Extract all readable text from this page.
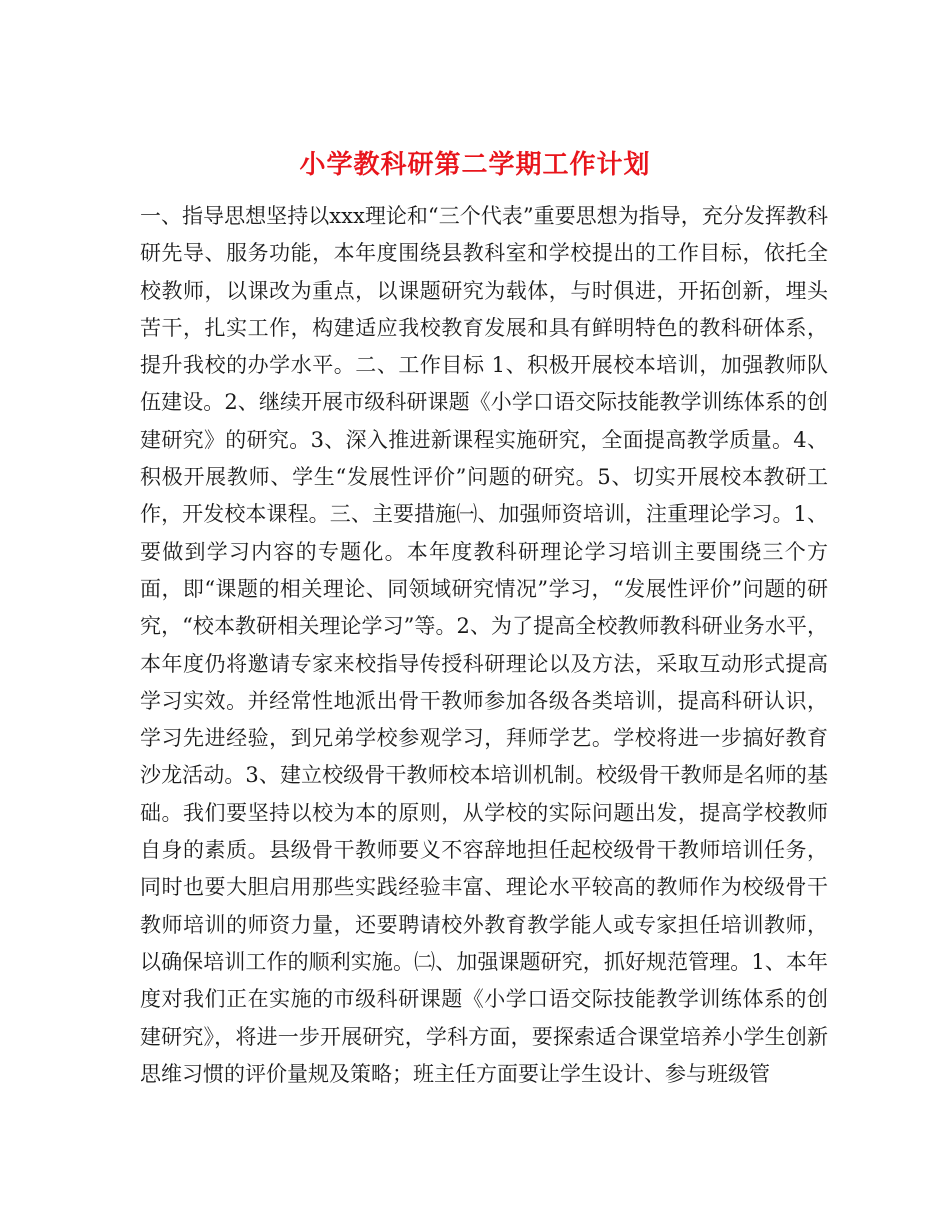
小学教科研第二学期工作计划

一、指导思想坚持以xxx理论和“三个代表”重要思想为指导，充分发挥教科研先导、服务功能，本年度围绕县教科室和学校提出的工作目标，依托全校教师，以课改为重点，以课题研究为载体，与时俱进，开拓创新，埋头苦干，扎实工作，构建适应我校教育发展和具有鲜明特色的教科研体系，提升我校的办学水平。二、工作目标 1、积极开展校本培训，加强教师队伍建设。2、继续开展市级科研课题《小学口语交际技能教学训练体系的创建研究》的研究。3、深入推进新课程实施研究，全面提高教学质量。4、积极开展教师、学生“发展性评价”问题的研究。5、切实开展校本教研工作，开发校本课程。三、主要措施㈠、加强师资培训，注重理论学习。1、要做到学习内容的专题化。本年度教科研理论学习培训主要围绕三个方面，即“课题的相关理论、同领域研究情况”学习，“发展性评价”问题的研究，“校本教研相关理论学习”等。2、为了提高全校教师教科研业务水平，本年度仍将邀请专家来校指导传授科研理论以及方法，采取互动形式提高学习实效。并经常性地派出骨干教师参加各级各类培训，提高科研认识，学习先进经验，到兄弟学校参观学习，拜师学艺。学校将进一步搞好教育沙龙活动。3、建立校级骨干教师校本培训机制。校级骨干教师是名师的基础。我们要坚持以校为本的原则，从学校的实际问题出发，提高学校教师自身的素质。县级骨干教师要义不容辞地担任起校级骨干教师培训任务，同时也要大胆启用那些实践经验丰富、理论水平较高的教师作为校级骨干教师培训的师资力量，还要聘请校外教育教学能人或专家担任培训教师，以确保培训工作的顺利实施。㈡、加强课题研究，抓好规范管理。1、本年度对我们正在实施的市级科研课题《小学口语交际技能教学训练体系的创建研究》，将进一步开展研究，学科方面，要探索适合课堂培养小学生创新思维习惯的评价量规及策略；班主任方面要让学生设计、参与班级管
